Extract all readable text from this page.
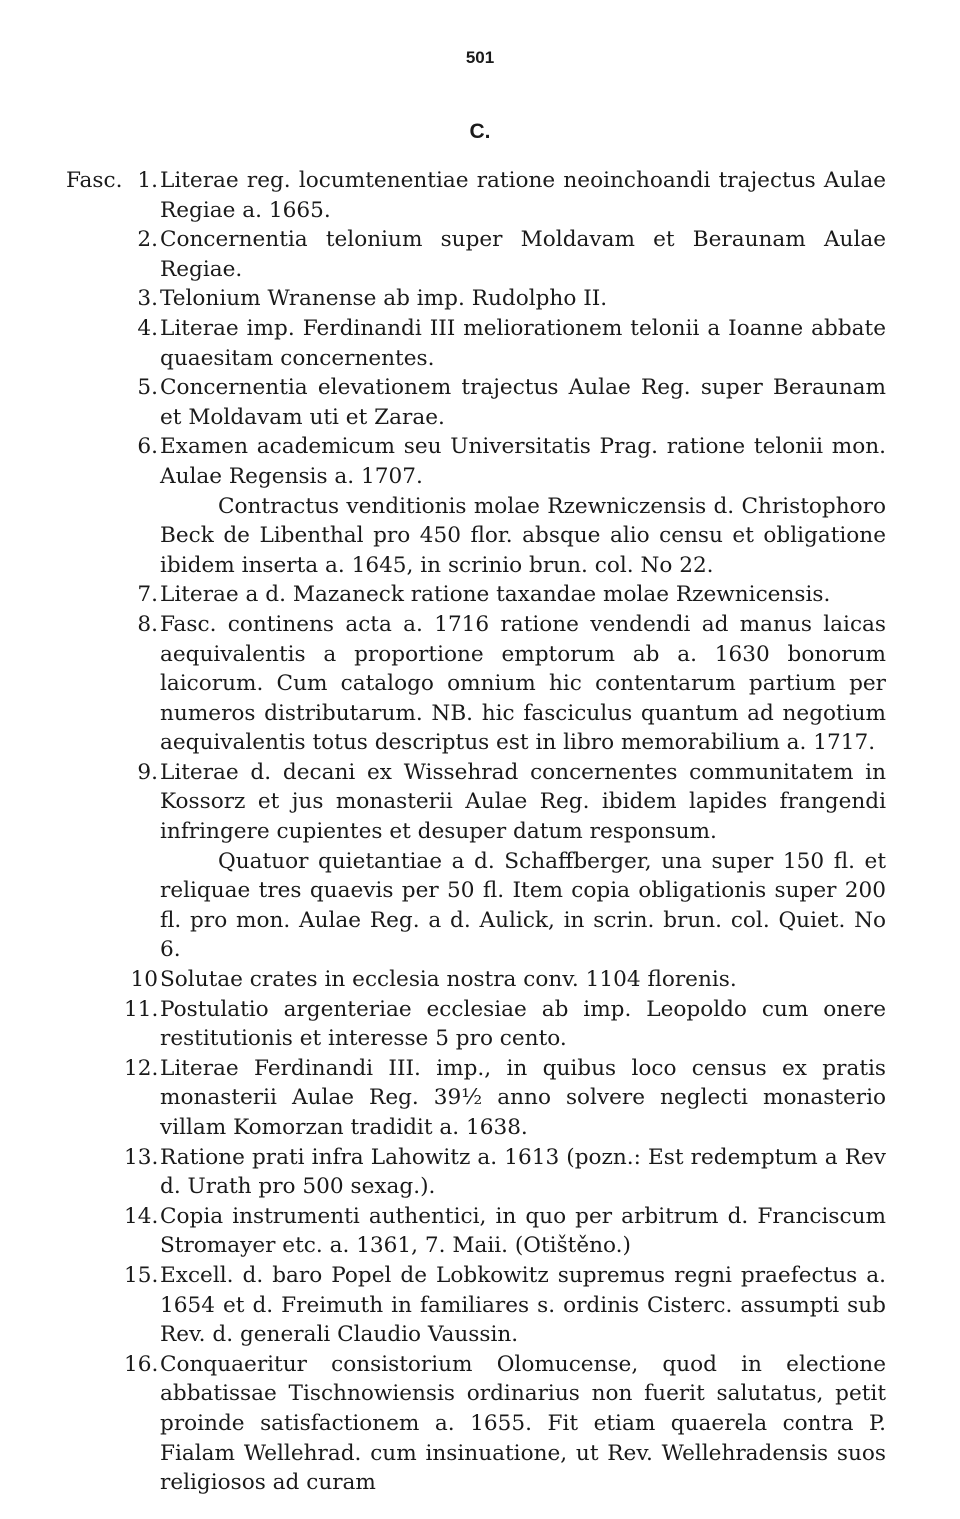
501
C.
Fasc. 1. Literae reg. locumtenentiae ratione neoinchoandi trajectus Aulae Regiae a. 1665.
2. Concernentia telonium super Moldavam et Beraunam Aulae Regiae.
3. Telonium Wranense ab imp. Rudolpho II.
4. Literae imp. Ferdinandi III meliorationem telonii a Ioanne abbate quaesitam concernentes.
5. Concernentia elevationem trajectus Aulae Reg. super Beraunam et Moldavam uti et Zarae.
6. Examen academicum seu Universitatis Prag. ratione telonii mon. Aulae Regensis a. 1707.
Contractus venditionis molae Rzewniczensis d. Christophoro Beck de Libenthal pro 450 flor. absque alio censu et obligatione ibidem inserta a. 1645, in scrinio brun. col. No 22.
7. Literae a d. Mazaneck ratione taxandae molae Rzewnicensis.
8. Fasc. continens acta a. 1716 ratione vendendi ad manus laicas aequivalentis a proportione emptorum ab a. 1630 bonorum laicorum. Cum catalogo omnium hic contentarum partium per numeros distributarum. NB. hic fasciculus quantum ad negotium aequivalentis totus descriptus est in libro memorabilium a. 1717.
9. Literae d. decani ex Wissehrad concernentes communitatem in Kossorz et jus monasterii Aulae Reg. ibidem lapides frangendi infringere cupientes et desuper datum responsum.
Quatuor quietantiae a d. Schaffberger, una super 150 fl. et reliquae tres quaevis per 50 fl. Item copia obligationis super 200 fl. pro mon. Aulae Reg. a d. Aulick, in scrin. brun. col. Quiet. No 6.
10 Solutae crates in ecclesia nostra conv. 1104 florenis.
11. Postulatio argenteriae ecclesiae ab imp. Leopoldo cum onere restitutionis et interesse 5 pro cento.
12. Literae Ferdinandi III. imp., in quibus loco census ex pratis monasterii Aulae Reg. 39½ anno solvere neglecti monasterio villam Komorzan tradidit a. 1638.
13. Ratione prati infra Lahowitz a. 1613 (pozn.: Est redemptum a Rev d. Urath pro 500 sexag.).
14. Copia instrumenti authentici, in quo per arbitrum d. Franciscum Stromayer etc. a. 1361, 7. Maii. (Otištěno.)
15. Excell. d. baro Popel de Lobkowitz supremus regni praefectus a. 1654 et d. Freimuth in familiares s. ordinis Cisterc. assumpti sub Rev. d. generali Claudio Vaussin.
16. Conquaeritur consistorium Olomucense, quod in electione abbatissae Tischnowiensis ordinarius non fuerit salutatus, petit proinde satisfactionem a. 1655. Fit etiam quaerela contra P. Fialam Wellehrad. cum insinuatione, ut Rev. Wellehradensis suos religiosos ad curam
